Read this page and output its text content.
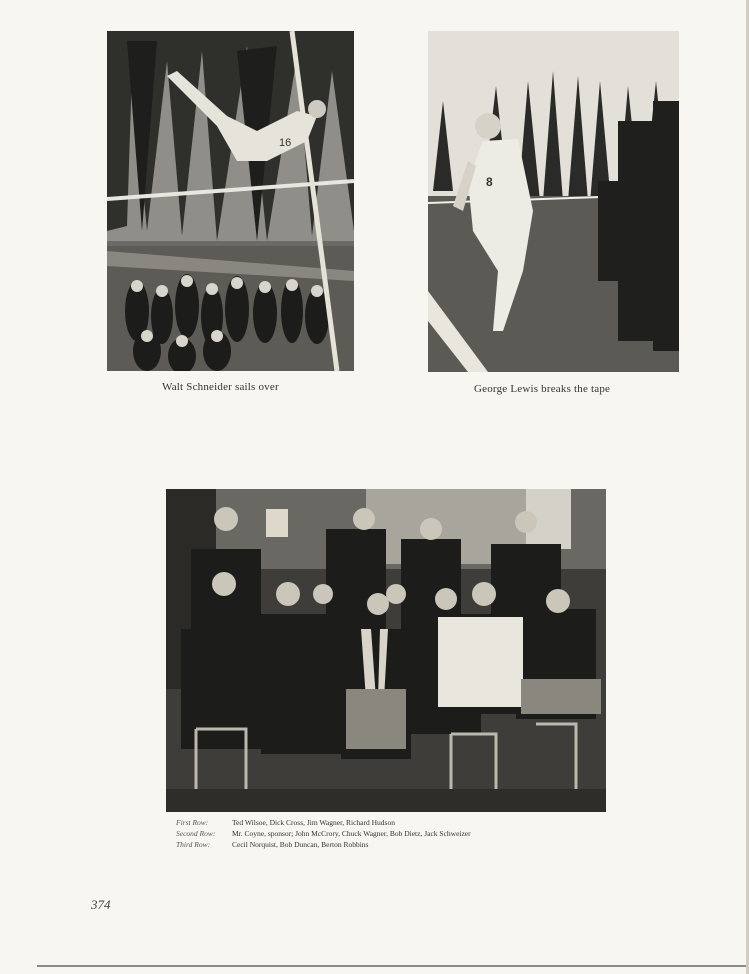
16
Walt Schneider sails over
8
George Lewis breaks the tape
First Row:	Ted Wilsoe, Dick Cross, Jim Wagner, Richard Hudson
Second Row: Mr. Coyne, sponsor; John McCrory, Chuck Wagner, Bob Dietz, Jack Schweizer
Third Row:	Cecil Norquist, Bob Duncan, Berton Robbins
374
